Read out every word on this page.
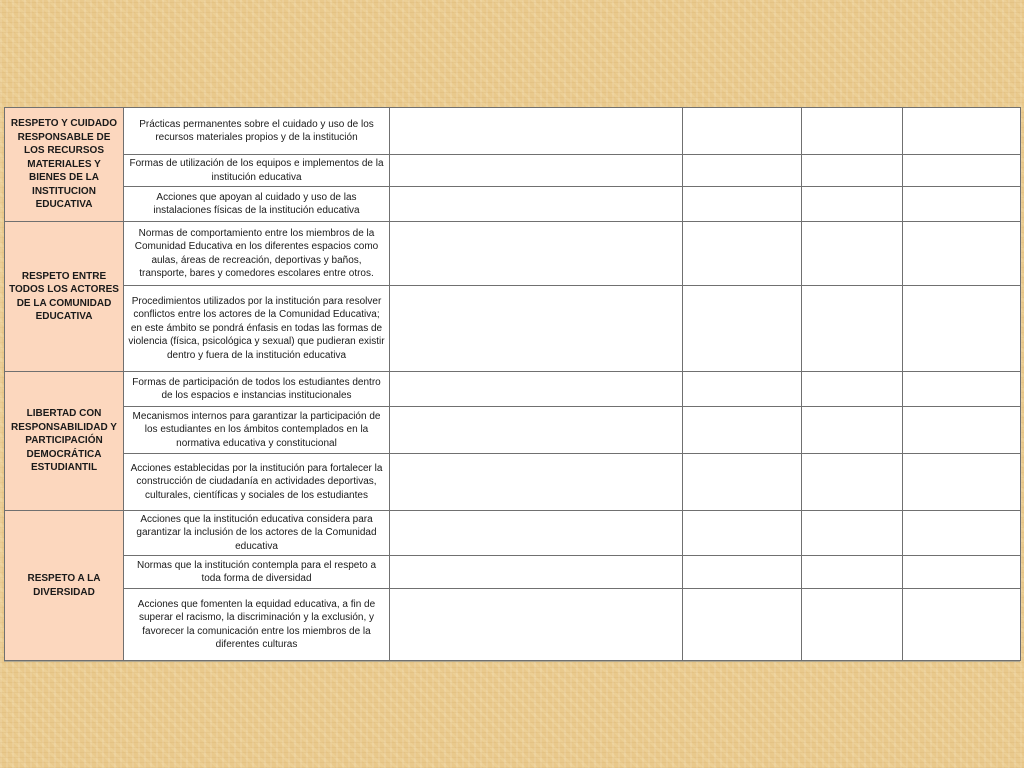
RESPETO Y CUIDADO RESPONSABLE DE LOS RECURSOS MATERIALES Y BIENES DE LA INSTITUCION EDUCATIVA	Prácticas permanentes sobre el cuidado y uso de los recursos materiales propios y de la institución				
	Formas de utilización de los equipos e implementos de la institución educativa				
	Acciones que apoyan al cuidado y uso de las instalaciones físicas de la institución educativa				
RESPETO ENTRE TODOS LOS ACTORES DE LA COMUNIDAD EDUCATIVA	Normas de comportamiento entre los miembros de la Comunidad Educativa en los diferentes espacios como aulas, áreas de recreación, deportivas y baños, transporte, bares y comedores escolares entre otros.				
	Procedimientos utilizados por la institución para resolver conflictos entre los actores de la Comunidad Educativa; en este ámbito se pondrá énfasis en todas las formas de violencia (física, psicológica y sexual) que pudieran existir dentro y fuera de la institución educativa				
LIBERTAD CON RESPONSABILIDAD Y PARTICIPACIÓN DEMOCRÁTICA ESTUDIANTIL	Formas de participación de todos los estudiantes dentro de los espacios e instancias institucionales				
	Mecanismos internos para garantizar la participación de los estudiantes en los ámbitos contemplados en la normativa educativa y constitucional				
	Acciones establecidas por la institución para fortalecer la construcción de ciudadanía en actividades deportivas, culturales, científicas y sociales de los estudiantes				
RESPETO A LA DIVERSIDAD	Acciones que la institución educativa considera para garantizar la inclusión de los actores de la Comunidad educativa				
	Normas que la institución contempla para el respeto a toda forma de diversidad				
	Acciones que fomenten la equidad educativa, a fin de superar el racismo, la discriminación y la exclusión, y favorecer la comunicación entre los miembros de la diferentes culturas				
